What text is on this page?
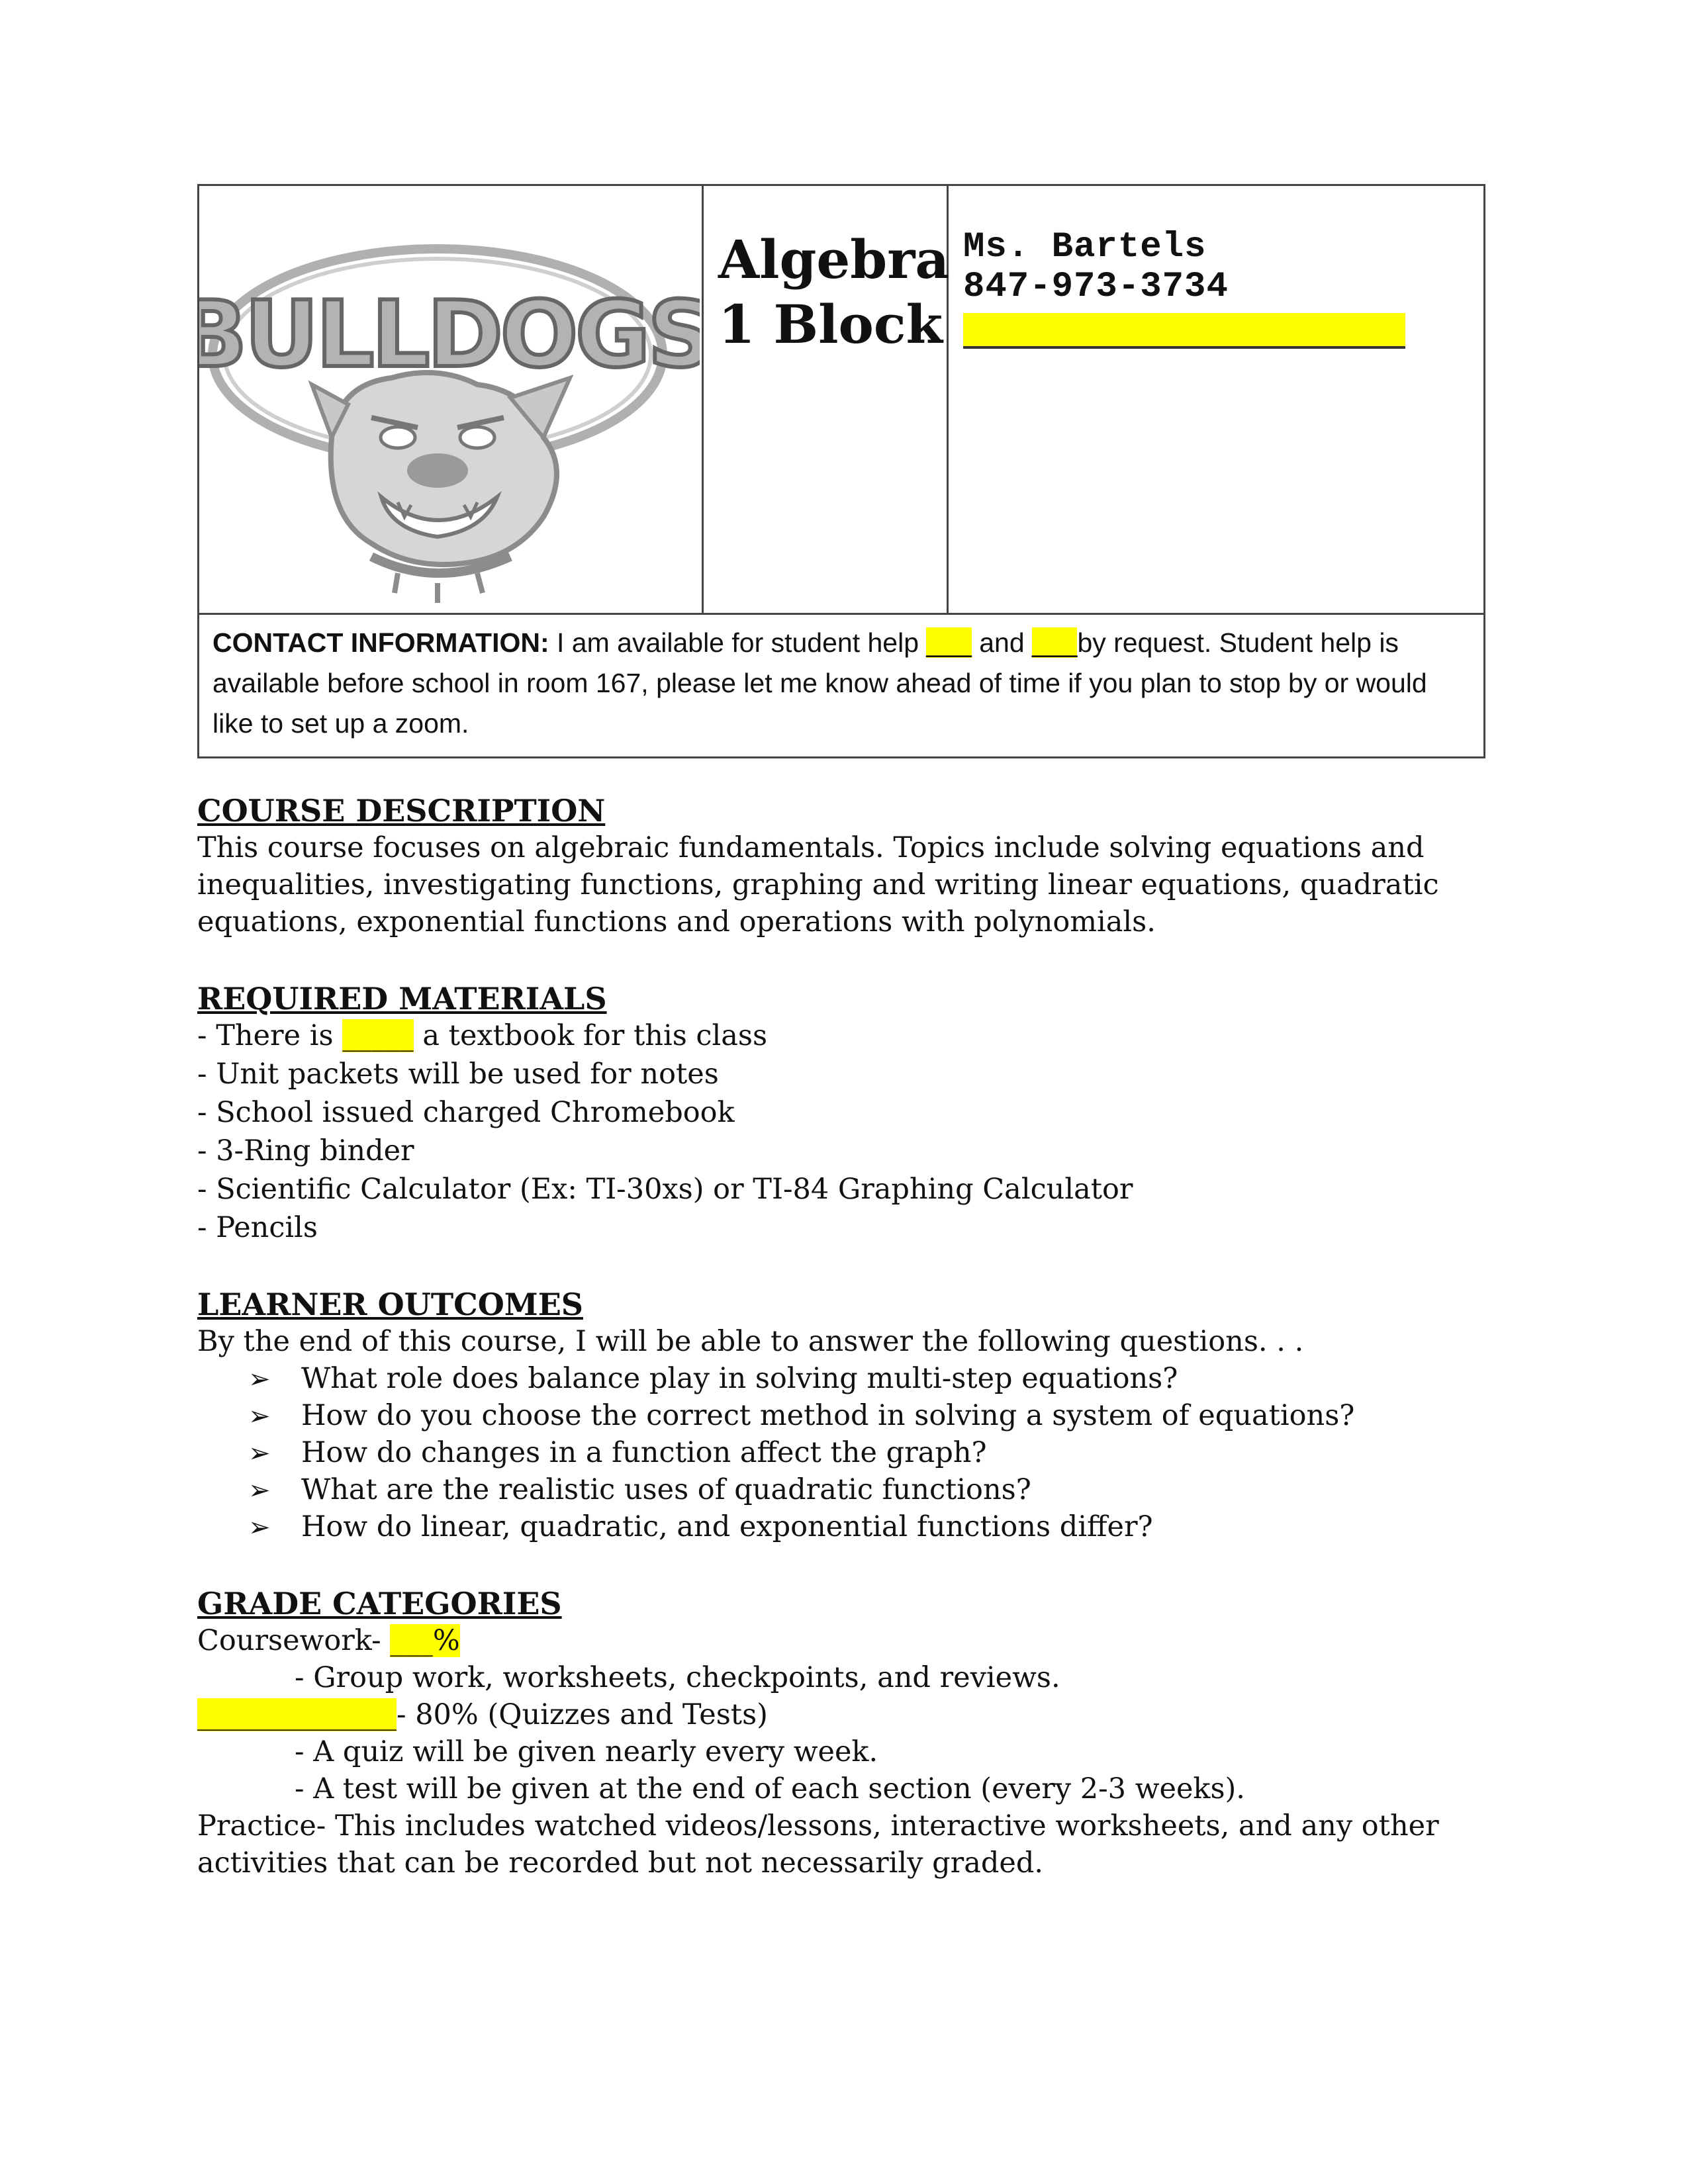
BULLDOGS
Algebra
1 Block
Ms. Bartels
847-973-3734
CONTACT INFORMATION: I am available for student help ___ and ___by request. Student help is
available before school in room 167, please let me know ahead of time if you plan to stop by or would
like to set up a zoom.
COURSE DESCRIPTION
This course focuses on algebraic fundamentals. Topics include solving equations and
inequalities, investigating functions, graphing and writing linear equations, quadratic
equations, exponential functions and operations with polynomials.
REQUIRED MATERIALS
- There is _____ a textbook for this class
- Unit packets will be used for notes
- School issued charged Chromebook
- 3-Ring binder
- Scientific Calculator (Ex: TI-30xs) or TI-84 Graphing Calculator
- Pencils
LEARNER OUTCOMES
By the end of this course, I will be able to answer the following questions. . .
➢ What role does balance play in solving multi-step equations?
➢ How do you choose the correct method in solving a system of equations?
➢ How do changes in a function affect the graph?
➢ What are the realistic uses of quadratic functions?
➢ How do linear, quadratic, and exponential functions differ?
GRADE CATEGORIES
Coursework- ___%
- Group work, worksheets, checkpoints, and reviews.
______________- 80% (Quizzes and Tests)
- A quiz will be given nearly every week.
- A test will be given at the end of each section (every 2-3 weeks).
Practice- This includes watched videos/lessons, interactive worksheets, and any other
activities that can be recorded but not necessarily graded.
